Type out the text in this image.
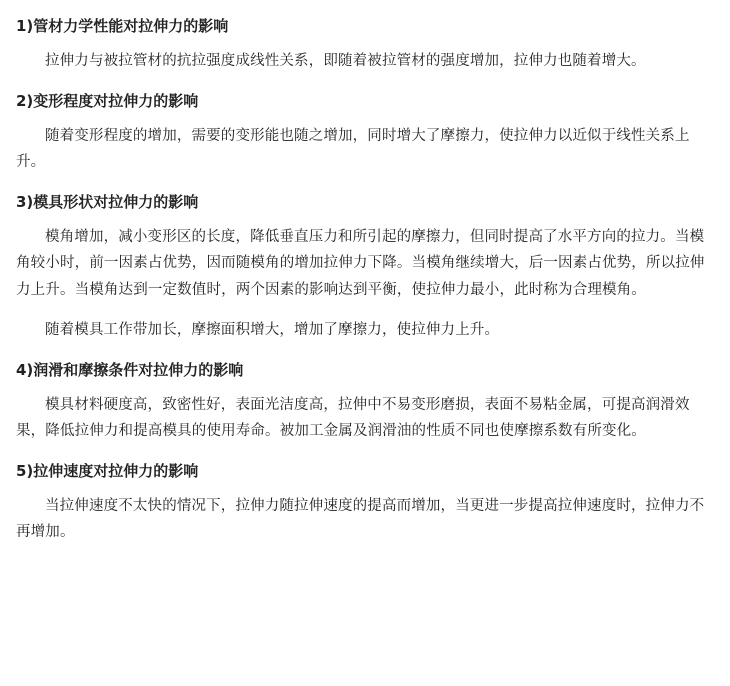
1)管材力学性能对拉伸力的影响

拉伸力与被拉管材的抗拉强度成线性关系，即随着被拉管材的强度增加，拉伸力也随着增大。

2)变形程度对拉伸力的影响

随着变形程度的增加，需要的变形能也随之增加，同时增大了摩擦力，使拉伸力以近似于线性关系上升。

3)模具形状对拉伸力的影响

模角增加，减小变形区的长度，降低垂直压力和所引起的摩擦力，但同时提高了水平方向的拉力。当模角较小时，前一因素占优势，因而随模角的增加拉伸力下降。当模角继续增大，后一因素占优势，所以拉伸力上升。当模角达到一定数值时，两个因素的影响达到平衡，使拉伸力最小，此时称为合理模角。

随着模具工作带加长，摩擦面积增大，增加了摩擦力，使拉伸力上升。

4)润滑和摩擦条件对拉伸力的影响

模具材料硬度高，致密性好，表面光洁度高，拉伸中不易变形磨损，表面不易粘金属，可提高润滑效果，降低拉伸力和提高模具的使用寿命。被加工金属及润滑油的性质不同也使摩擦系数有所变化。

5)拉伸速度对拉伸力的影响

当拉伸速度不太快的情况下，拉伸力随拉伸速度的提高而增加，当更进一步提高拉伸速度时，拉伸力不再增加。
